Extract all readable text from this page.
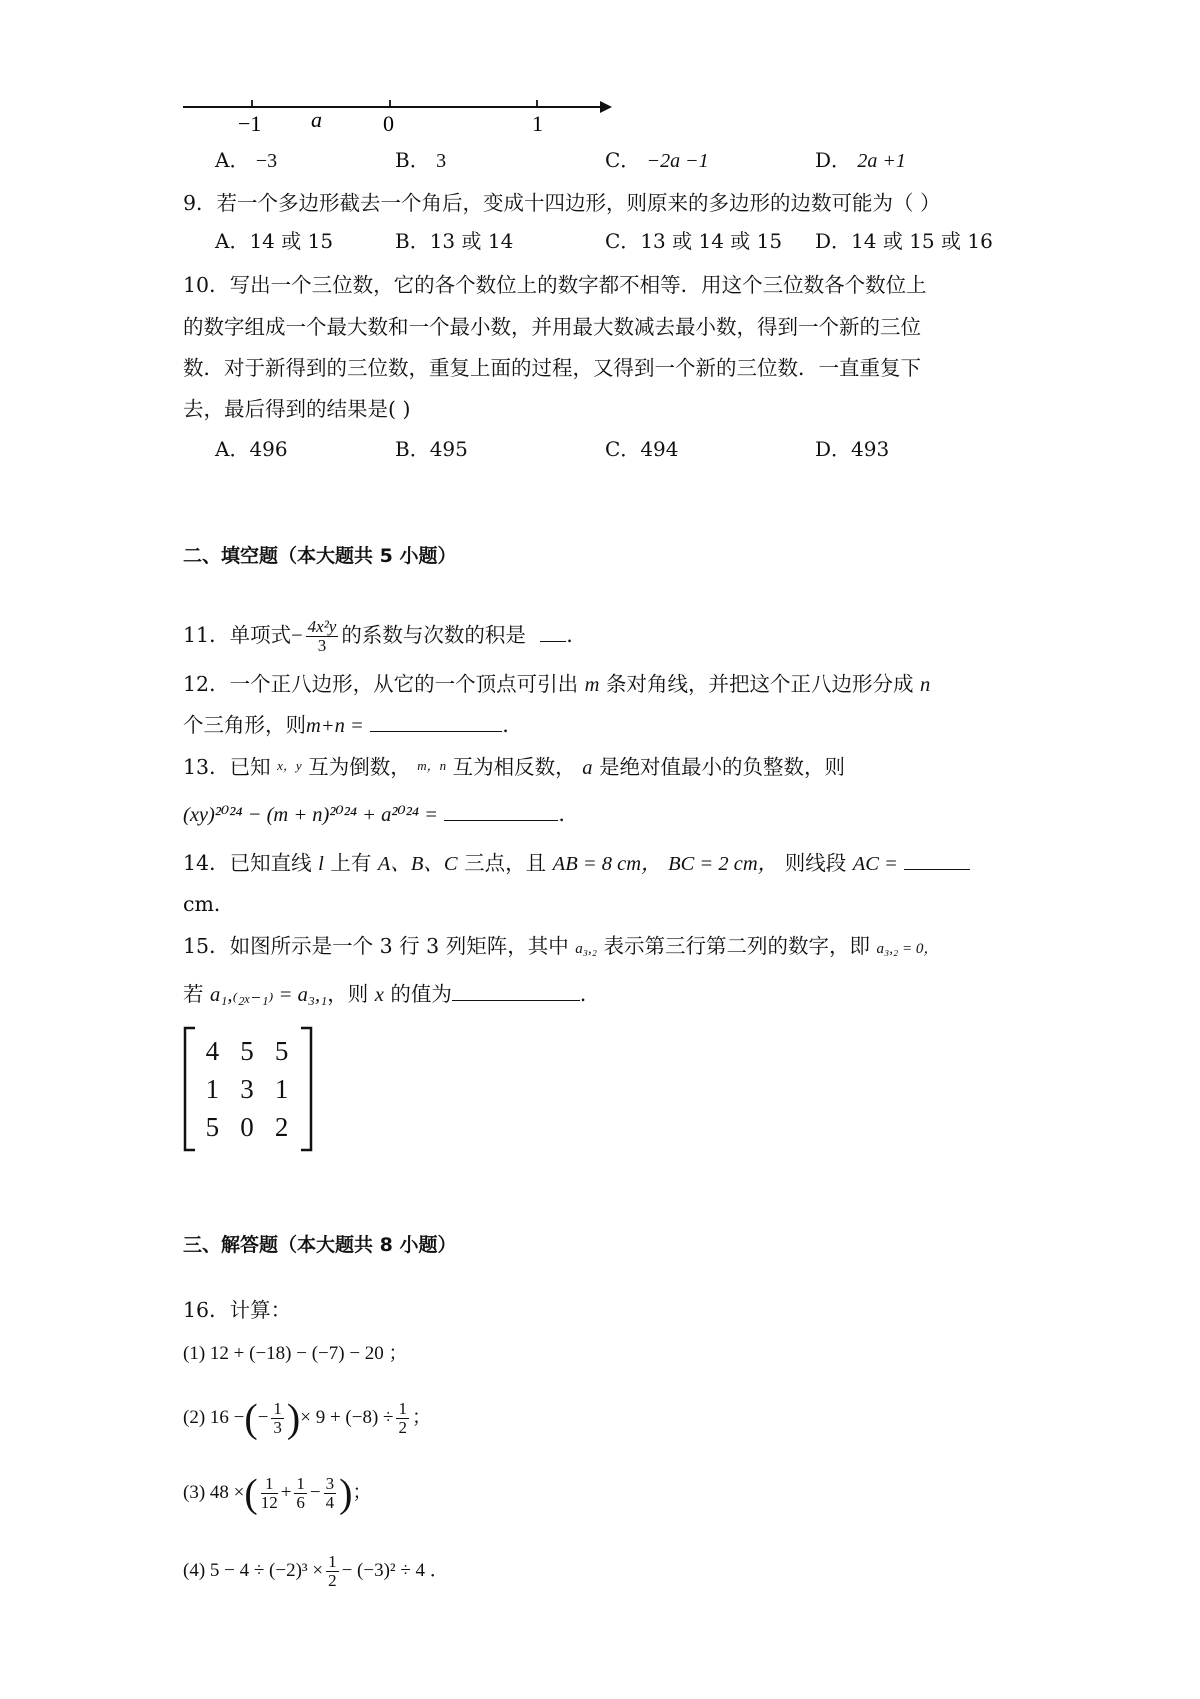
−1 a	0	1
A． −3	B． 3	C． −2a −1	D． 2a +1
9．若一个多边形截去一个角后，变成十四边形，则原来的多边形的边数可能为（ ）
A．14 或 15	B．13 或 14	C．13 或 14 或 15 D．14 或 15 或 16
10．写出一个三位数，它的各个数位上的数字都不相等．用这个三位数各个数位上
的数字组成一个最大数和一个最小数，并用最大数减去最小数，得到一个新的三位
数．对于新得到的三位数，重复上面的过程，又得到一个新的三位数．一直重复下
去，最后得到的结果是( )
A．496	B．495	C．494	D．493
二、填空题（本大题共 5 小题）
11．单项式− $\frac{\text{4x²y}}{3}$ 的系数与次数的积是 ．
12．一个正八边形，从它的一个顶点可引出 m 条对角线，并把这个正八边形分成 n
个三角形，则m+n =	．
13．已知 x，y 互为倒数， m，n 互为相反数， a 是绝对值最小的负整数，则
(xy)²⁰²⁴ − (m + n)²⁰²⁴ + a²⁰²⁴ =	．
14．已知直线 l 上有 A、B、C 三点，且 AB = 8 cm， BC = 2 cm， 则线段 AC =
cm．
15．如图所示是一个 3 行 3 列矩阵，其中 a₃,₂ 表示第三行第二列的数字，即 a₃,₂ = 0，
若 a₁,₍₂ₓ₋₁₎ = a₃,₁，则 x 的值为	．
4 5 5
1 3 1
5 0 2
三、解答题（本大题共 8 小题）
16．计算：
(1) 12 + (−18) − (−7) − 20 ；
(2) 16 −(− $\frac{1}{3}$ )× $9 + (-8) \div \frac{1}{2}$ ；
(3) 48 ×( $\frac{1}{12} + \frac{1}{6} - \frac{3}{4}$ )；
(4) $5 - 4 \div (-2)^3 \times \frac{1}{2} - (-3)^2 \div 4$ ．
